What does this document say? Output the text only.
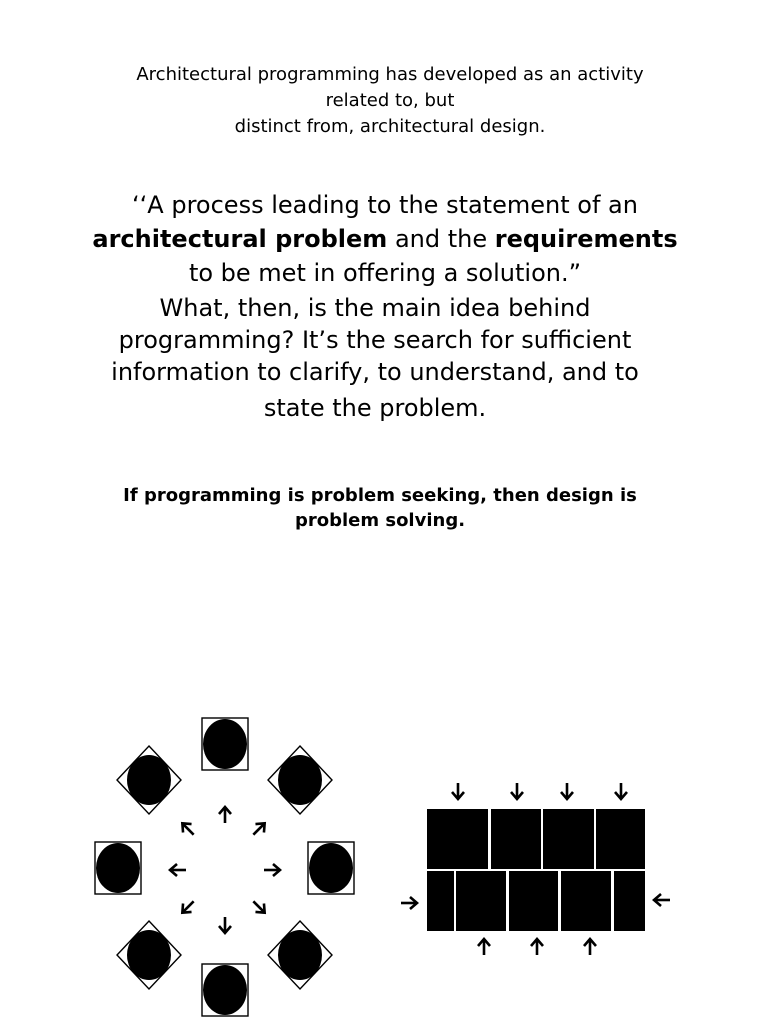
Architectural programming has developed as an activity
related to, but
distinct from, architectural design.
‘‘A process leading to the statement of an
architectural problem and the requirements
to be met in offering a solution.”
What, then, is the main idea behind
programming? It’s the search for sufficient
information to clarify, to understand, and to
state the problem.
If programming is problem seeking, then design is
problem solving.
